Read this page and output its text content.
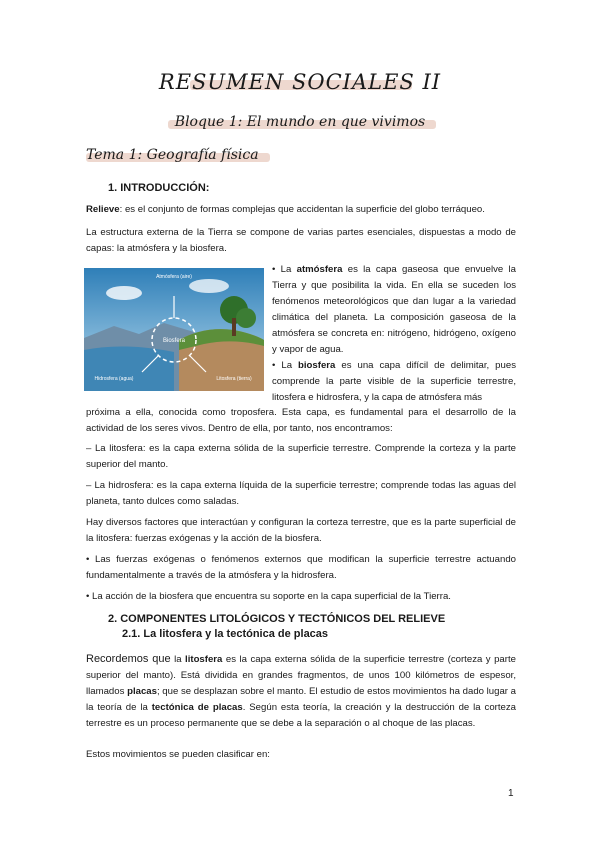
RESUMEN SOCIALES II
Bloque 1: El mundo en que vivimos
Tema 1: Geografía física
1. INTRODUCCIÓN:
Relieve: es el conjunto de formas complejas que accidentan la superficie del globo terráqueo.
La estructura externa de la Tierra se compone de varias partes esenciales, dispuestas a modo de capas: la atmósfera y la biosfera.
Atmósfera (aire)
Biosfera
Hidrosfera (agua)	Litosfera (tierra)
• La atmósfera es la capa gaseosa que envuelve la Tierra y que posibilita la vida. En ella se suceden los fenómenos meteorológicos que dan lugar a la variedad climática del planeta. La composición gaseosa de la atmósfera se concreta en: nitrógeno, hidrógeno, oxígeno y vapor de agua.
• La biosfera es una capa difícil de delimitar, pues comprende la parte visible de la superficie terrestre, litosfera e hidrosfera, y la capa de atmósfera más
próxima a ella, conocida como troposfera. Esta capa, es fundamental para el desarrollo de la actividad de los seres vivos. Dentro de ella, por tanto, nos encontramos:
– La litosfera: es la capa externa sólida de la superficie terrestre. Comprende la corteza y la parte superior del manto.
– La hidrosfera: es la capa externa líquida de la superficie terrestre; comprende todas las aguas del planeta, tanto dulces como saladas.
Hay diversos factores que interactúan y configuran la corteza terrestre, que es la parte superficial de la litosfera: fuerzas exógenas y la acción de la biosfera.
• Las fuerzas exógenas o fenómenos externos que modifican la superficie terrestre actuando fundamentalmente a través de la atmósfera y la hidrosfera.
• La acción de la biosfera que encuentra su soporte en la capa superficial de la Tierra.
2. COMPONENTES LITOLÓGICOS Y TECTÓNICOS DEL RELIEVE
2.1. La litosfera y la tectónica de placas
Recordemos que la litosfera es la capa externa sólida de la superficie terrestre (corteza y parte superior del manto). Está dividida en grandes fragmentos, de unos 100 kilómetros de espesor, llamados placas; que se desplazan sobre el manto. El estudio de estos movimientos ha dado lugar a la teoría de la tectónica de placas. Según esta teoría, la creación y la destrucción de la corteza terrestre es un proceso permanente que se debe a la separación o al choque de las placas.
Estos movimientos se pueden clasificar en:
1
